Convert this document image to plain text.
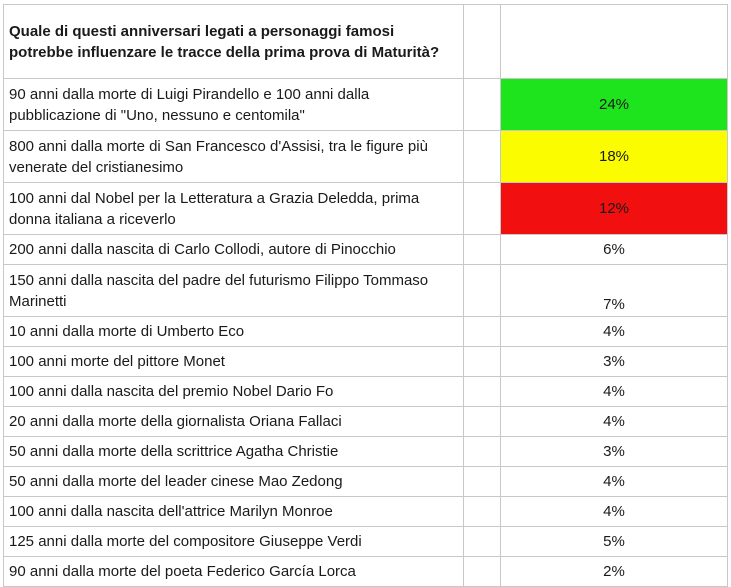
Quale di questi anniversari legati a personaggi famosi potrebbe influenzare le tracce della prima prova di Maturità?		
90 anni dalla morte di Luigi Pirandello e 100 anni dalla pubblicazione di "Uno, nessuno e centomila"		24%
800 anni dalla morte di San Francesco d'Assisi, tra le figure più venerate del cristianesimo		18%
100 anni dal Nobel per la Letteratura a Grazia Deledda, prima donna italiana a riceverlo		12%
200 anni dalla nascita di Carlo Collodi, autore di Pinocchio		6%
150 anni dalla nascita del padre del futurismo Filippo Tommaso Marinetti		7%
10 anni dalla morte di Umberto Eco		4%
100 anni morte del pittore Monet		3%
100 anni dalla nascita del premio Nobel Dario Fo		4%
20 anni dalla morte della giornalista Oriana Fallaci		4%
50 anni dalla morte della scrittrice Agatha Christie		3%
50 anni dalla morte del leader cinese Mao Zedong		4%
100 anni dalla nascita dell'attrice Marilyn Monroe		4%
125 anni dalla morte del compositore Giuseppe Verdi		5%
90 anni dalla morte del poeta Federico García Lorca		2%
